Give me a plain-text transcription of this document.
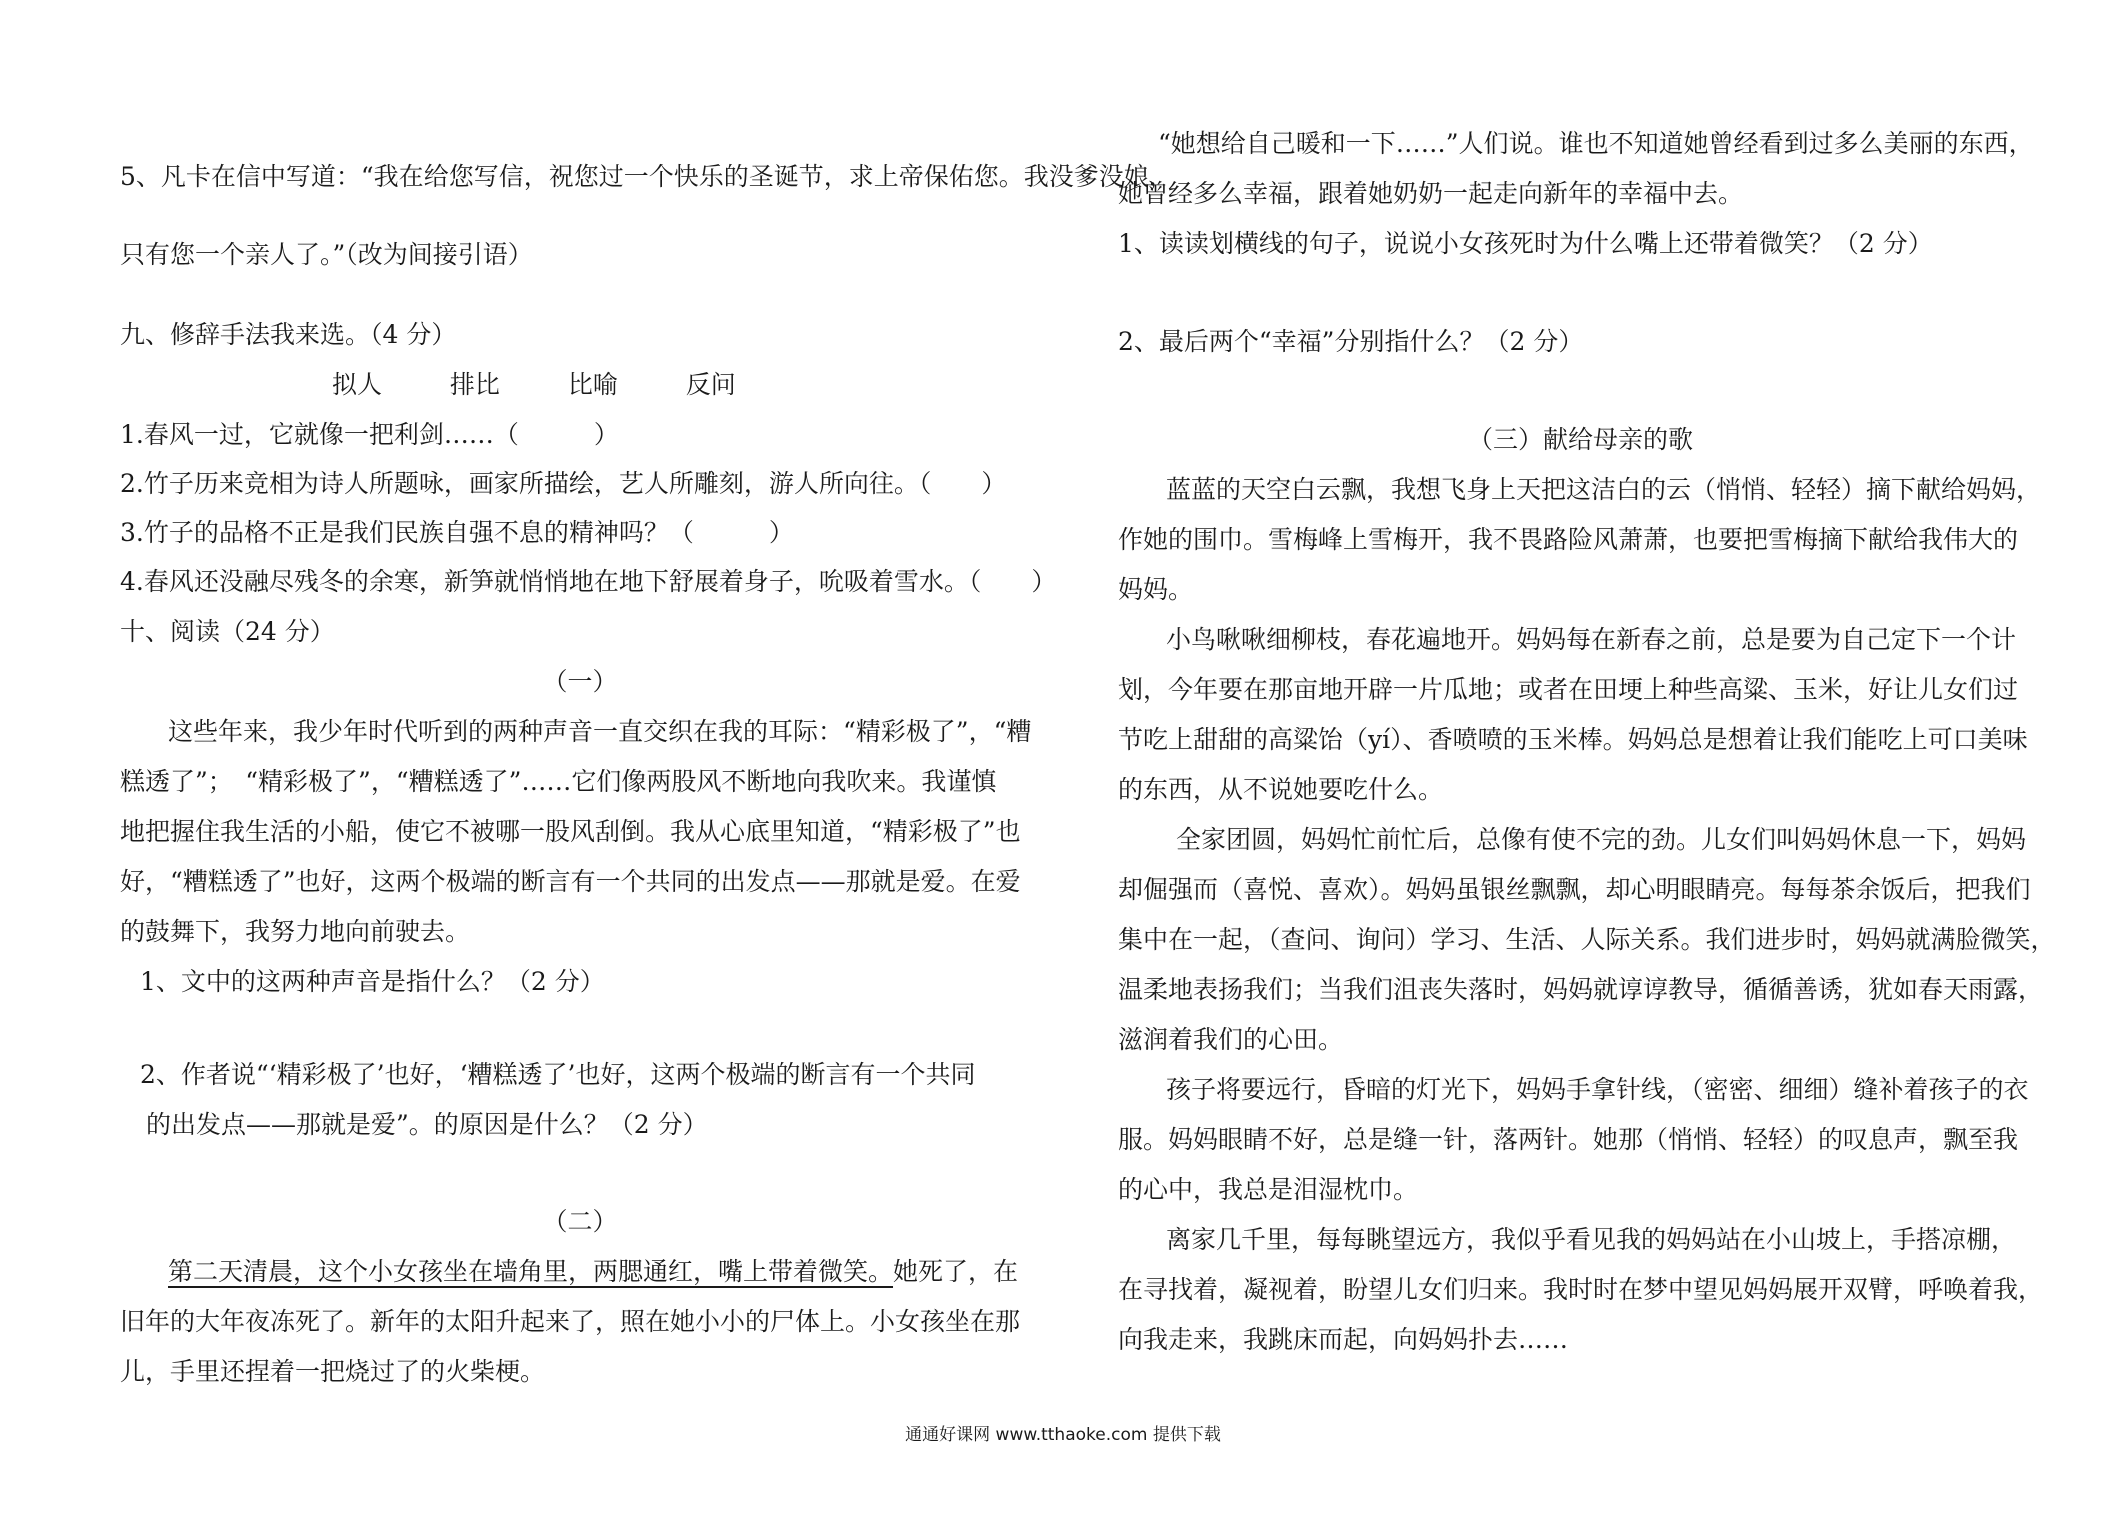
5、凡卡在信中写道：“我在给您写信，祝您过一个快乐的圣诞节，求上帝保佑您。我没爹没娘，
只有您一个亲人了。”（改为间接引语）
九、修辞手法我来选。（4 分）
拟人	排比	比喻	反问
1.春风一过，它就像一把利剑……（　　　）
2.竹子历来竞相为诗人所题咏，画家所描绘，艺人所雕刻，游人所向往。（　　）
3.竹子的品格不正是我们民族自强不息的精神吗？（　　　）
4.春风还没融尽残冬的余寒，新笋就悄悄地在地下舒展着身子，吮吸着雪水。（　　）
十、阅读（24 分）
（一）
这些年来，我少年时代听到的两种声音一直交织在我的耳际：“精彩极了”，“糟
糕透了”；　“精彩极了”，“糟糕透了”……它们像两股风不断地向我吹来。我谨慎
地把握住我生活的小船，使它不被哪一股风刮倒。我从心底里知道，“精彩极了”也
好，“糟糕透了”也好，这两个极端的断言有一个共同的出发点——那就是爱。在爱
的鼓舞下，我努力地向前驶去。
1、文中的这两种声音是指什么？（2 分）
2、作者说“‘精彩极了’也好，‘糟糕透了’也好，这两个极端的断言有一个共同
的出发点——那就是爱”。的原因是什么？（2 分）
（二）
第二天清晨，这个小女孩坐在墙角里，两腮通红，嘴上带着微笑。她死了，在
旧年的大年夜冻死了。新年的太阳升起来了，照在她小小的尸体上。小女孩坐在那
儿，手里还捏着一把烧过了的火柴梗。
“她想给自己暖和一下……”人们说。谁也不知道她曾经看到过多么美丽的东西，
她曾经多么幸福，跟着她奶奶一起走向新年的幸福中去。
1、读读划横线的句子，说说小女孩死时为什么嘴上还带着微笑？（2 分）
2、最后两个“幸福”分别指什么？（2 分）
（三）献给母亲的歌
蓝蓝的天空白云飘，我想飞身上天把这洁白的云（悄悄、轻轻）摘下献给妈妈，
作她的围巾。雪梅峰上雪梅开，我不畏路险风萧萧，也要把雪梅摘下献给我伟大的
妈妈。
小鸟啾啾细柳枝，春花遍地开。妈妈每在新春之前，总是要为自己定下一个计
划，今年要在那亩地开辟一片瓜地；或者在田埂上种些高粱、玉米，好让儿女们过
节吃上甜甜的高粱饴（yí）、香喷喷的玉米棒。妈妈总是想着让我们能吃上可口美味
的东西，从不说她要吃什么。
全家团圆，妈妈忙前忙后，总像有使不完的劲。儿女们叫妈妈休息一下，妈妈
却倔强而（喜悦、喜欢）。妈妈虽银丝飘飘，却心明眼睛亮。每每茶余饭后，把我们
集中在一起，（查问、询问）学习、生活、人际关系。我们进步时，妈妈就满脸微笑，
温柔地表扬我们；当我们沮丧失落时，妈妈就谆谆教导，循循善诱，犹如春天雨露，
滋润着我们的心田。
孩子将要远行，昏暗的灯光下，妈妈手拿针线，（密密、细细）缝补着孩子的衣
服。妈妈眼睛不好，总是缝一针，落两针。她那（悄悄、轻轻）的叹息声，飘至我
的心中，我总是泪湿枕巾。
离家几千里，每每眺望远方，我似乎看见我的妈妈站在小山坡上，手搭凉棚，
在寻找着，凝视着，盼望儿女们归来。我时时在梦中望见妈妈展开双臂，呼唤着我，
向我走来，我跳床而起，向妈妈扑去……
通通好课网 www.tthaoke.com 提供下载
